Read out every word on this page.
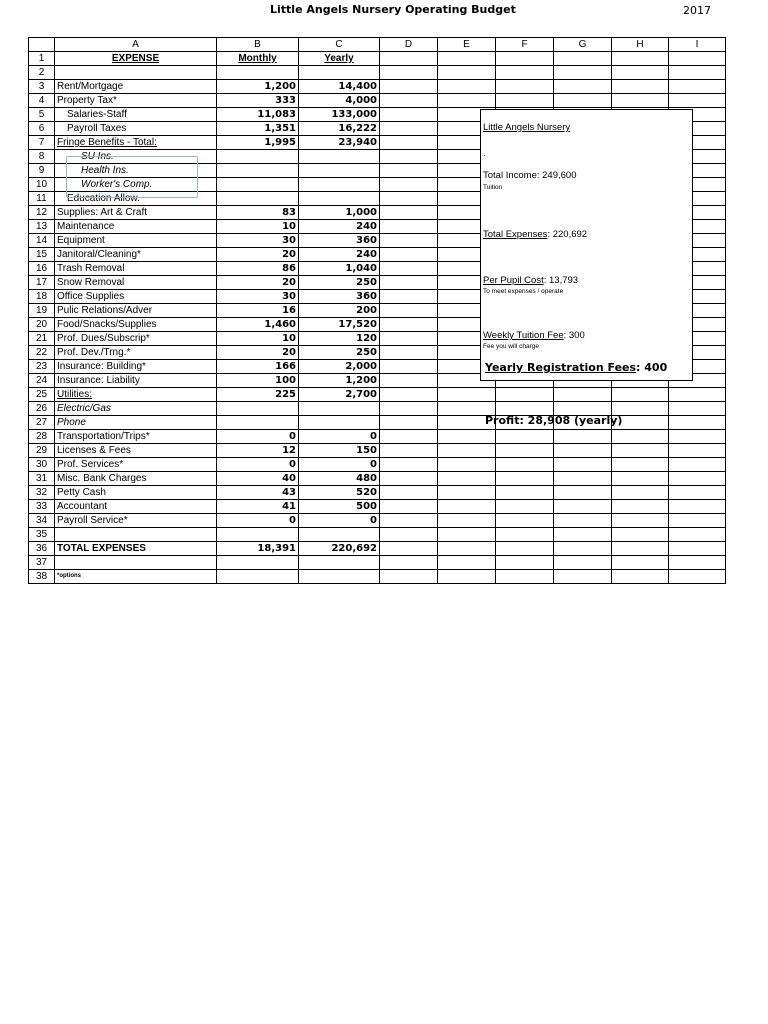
Little Angels Nursery Operating Budget	2017
	A	B	C	D	E	F	G	H	I
1	EXPENSE	Monthly	Yearly						
2									
3	Rent/Mortgage	1,200	14,400						
4	Property Tax*	333	4,000						
5	Salaries-Staff	11,083	133,000						
6	Payroll Taxes	1,351	16,222						
7	Fringe Benefits - Total:	1,995	23,940						
8	SU Ins.								
9	Health Ins.								
10	Worker's Comp.								
11	Education Allow.								
12	Supplies: Art & Craft	83	1,000						
13	Maintenance	10	240						
14	Equipment	30	360						
15	Janitoral/Cleaning*	20	240						
16	Trash Removal	86	1,040						
17	Snow Removal	20	250						
18	Office Supplies	30	360						
19	Pulic Relations/Adver	16	200						
20	Food/Snacks/Supplies	1,460	17,520						
21	Prof. Dues/Subscrip*	10	120						
22	Prof. Dev./Trng.*	20	250						
23	Insurance: Building*	166	2,000						
24	Insurance: Liability	100	1,200						
25	Utilities:	225	2,700						
26	Electric/Gas								
27	Phone								
28	Transportation/Trips*	0	0						
29	Licenses & Fees	12	150						
30	Prof. Services*	0	0						
31	Misc. Bank Charges	40	480						
32	Petty Cash	43	520						
33	Accountant	41	500						
34	Payroll Service*	0	0						
35									
36	TOTAL EXPENSES	18,391	220,692						
37									
38	*options								
Little Angels Nursery
.
Total Income: 249,600
Tuition
Total Expenses: 220,692
Per Pupil Cost: 13,793
To meet expenses / operate
Weekly Tuition Fee: 300
Fee you will charge
Yearly Registration Fees: 400
Profit: 28,908 (yearly)
